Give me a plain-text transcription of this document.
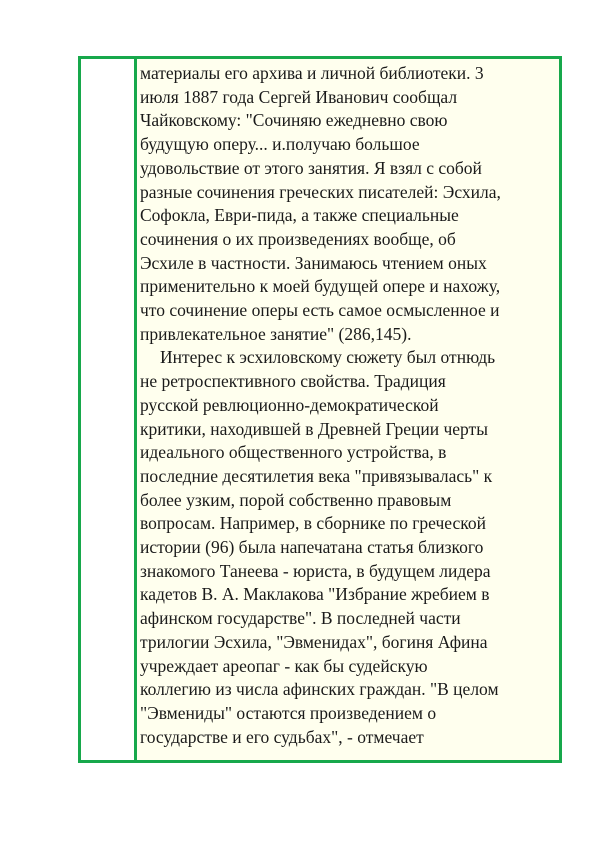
материалы его архива и личной библиотеки. 3
июля 1887 года Сергей Иванович сообщал
Чайковскому: "Сочиняю ежедневно свою
будущую оперу... и.получаю большое
удовольствие от этого занятия. Я взял с собой
разные сочинения греческих писателей: Эсхила,
Софокла, Еври-пида, а также специальные
сочинения о их произведениях вообще, об
Эсхиле в частности. Занимаюсь чтением оных
применительно к моей будущей опере и нахожу,
что сочинение оперы есть самое осмысленное и
привлекательное занятие" (286,145).
Интерес к эсхиловскому сюжету был отнюдь
не ретроспективного свойства. Традиция
русской ревлюционно-демократической
критики, находившей в Древней Греции черты
идеального общественного устройства, в
последние десятилетия века "привязывалась" к
более узким, порой собственно правовым
вопросам. Например, в сборнике по греческой
истории (96) была напечатана статья близкого
знакомого Танеева - юриста, в будущем лидера
кадетов В. А. Маклакова "Избрание жребием в
афинском государстве". В последней части
трилогии Эсхила, "Эвменидах", богиня Афина
учреждает ареопаг - как бы судейскую
коллегию из числа афинских граждан. "В целом
"Эвмениды" остаются произведением о
государстве и его судьбах", - отмечает
